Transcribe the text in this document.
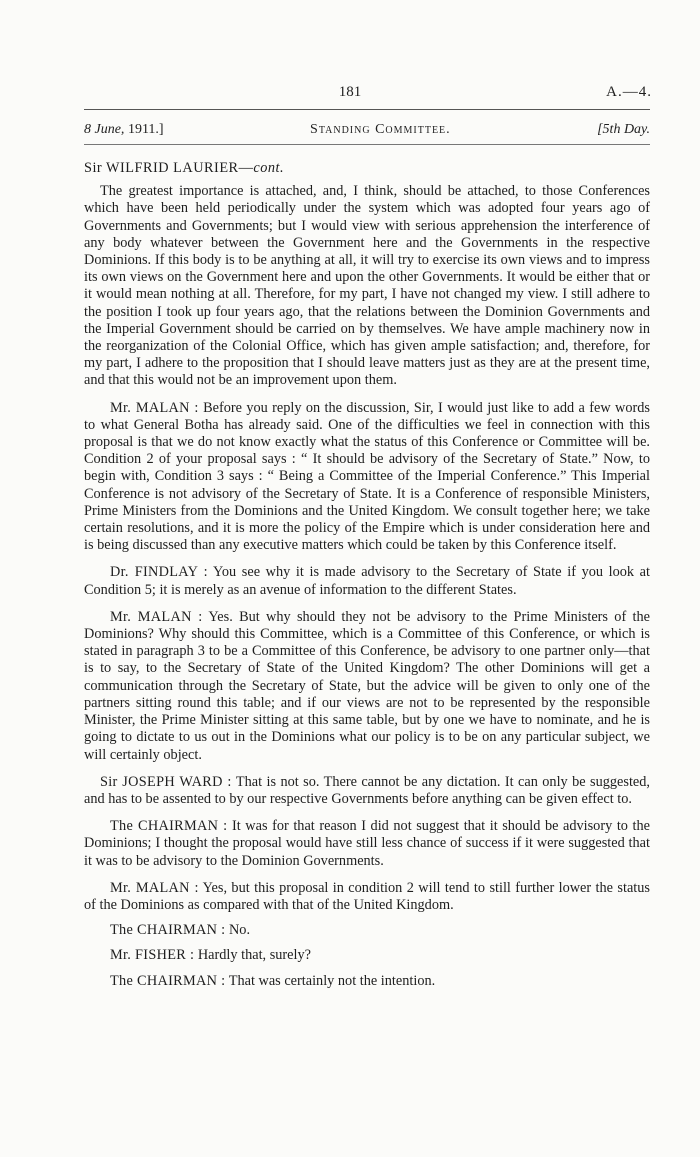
181	A.—4.
8 June, 1911.]	Standing Committee.	[5th Day.

Sir WILFRID LAURIER—cont.

The greatest importance is attached, and, I think, should be attached, to those Conferences which have been held periodically under the system which was adopted four years ago of Governments and Governments; but I would view with serious apprehension the interference of any body whatever between the Government here and the Governments in the respective Dominions. If this body is to be anything at all, it will try to exercise its own views and to impress its own views on the Government here and upon the other Governments. It would be either that or it would mean nothing at all. Therefore, for my part, I have not changed my view. I still adhere to the position I took up four years ago, that the relations between the Dominion Governments and the Imperial Government should be carried on by themselves. We have ample machinery now in the reorganization of the Colonial Office, which has given ample satisfaction; and, therefore, for my part, I adhere to the proposition that I should leave matters just as they are at the present time, and that this would not be an improvement upon them.

Mr. MALAN : Before you reply on the discussion, Sir, I would just like to add a few words to what General Botha has already said. One of the difficulties we feel in connection with this proposal is that we do not know exactly what the status of this Conference or Committee will be. Condition 2 of your proposal says : “ It should be advisory of the Secretary of State.” Now, to begin with, Condition 3 says : “ Being a Committee of the Imperial Conference.” This Imperial Conference is not advisory of the Secretary of State. It is a Conference of responsible Ministers, Prime Ministers from the Dominions and the United Kingdom. We consult together here; we take certain resolutions, and it is more the policy of the Empire which is under consideration here and is being discussed than any executive matters which could be taken by this Conference itself.

Dr. FINDLAY : You see why it is made advisory to the Secretary of State if you look at Condition 5; it is merely as an avenue of information to the different States.

Mr. MALAN : Yes. But why should they not be advisory to the Prime Ministers of the Dominions? Why should this Committee, which is a Committee of this Conference, or which is stated in paragraph 3 to be a Committee of this Conference, be advisory to one partner only—that is to say, to the Secretary of State of the United Kingdom? The other Dominions will get a communication through the Secretary of State, but the advice will be given to only one of the partners sitting round this table; and if our views are not to be represented by the responsible Minister, the Prime Minister sitting at this same table, but by one we have to nominate, and he is going to dictate to us out in the Dominions what our policy is to be on any particular subject, we will certainly object.

Sir JOSEPH WARD : That is not so. There cannot be any dictation. It can only be suggested, and has to be assented to by our respective Governments before anything can be given effect to.

The CHAIRMAN : It was for that reason I did not suggest that it should be advisory to the Dominions; I thought the proposal would have still less chance of success if it were suggested that it was to be advisory to the Dominion Governments.

Mr. MALAN : Yes, but this proposal in condition 2 will tend to still further lower the status of the Dominions as compared with that of the United Kingdom.

The CHAIRMAN : No.

Mr. FISHER : Hardly that, surely?

The CHAIRMAN : That was certainly not the intention.
